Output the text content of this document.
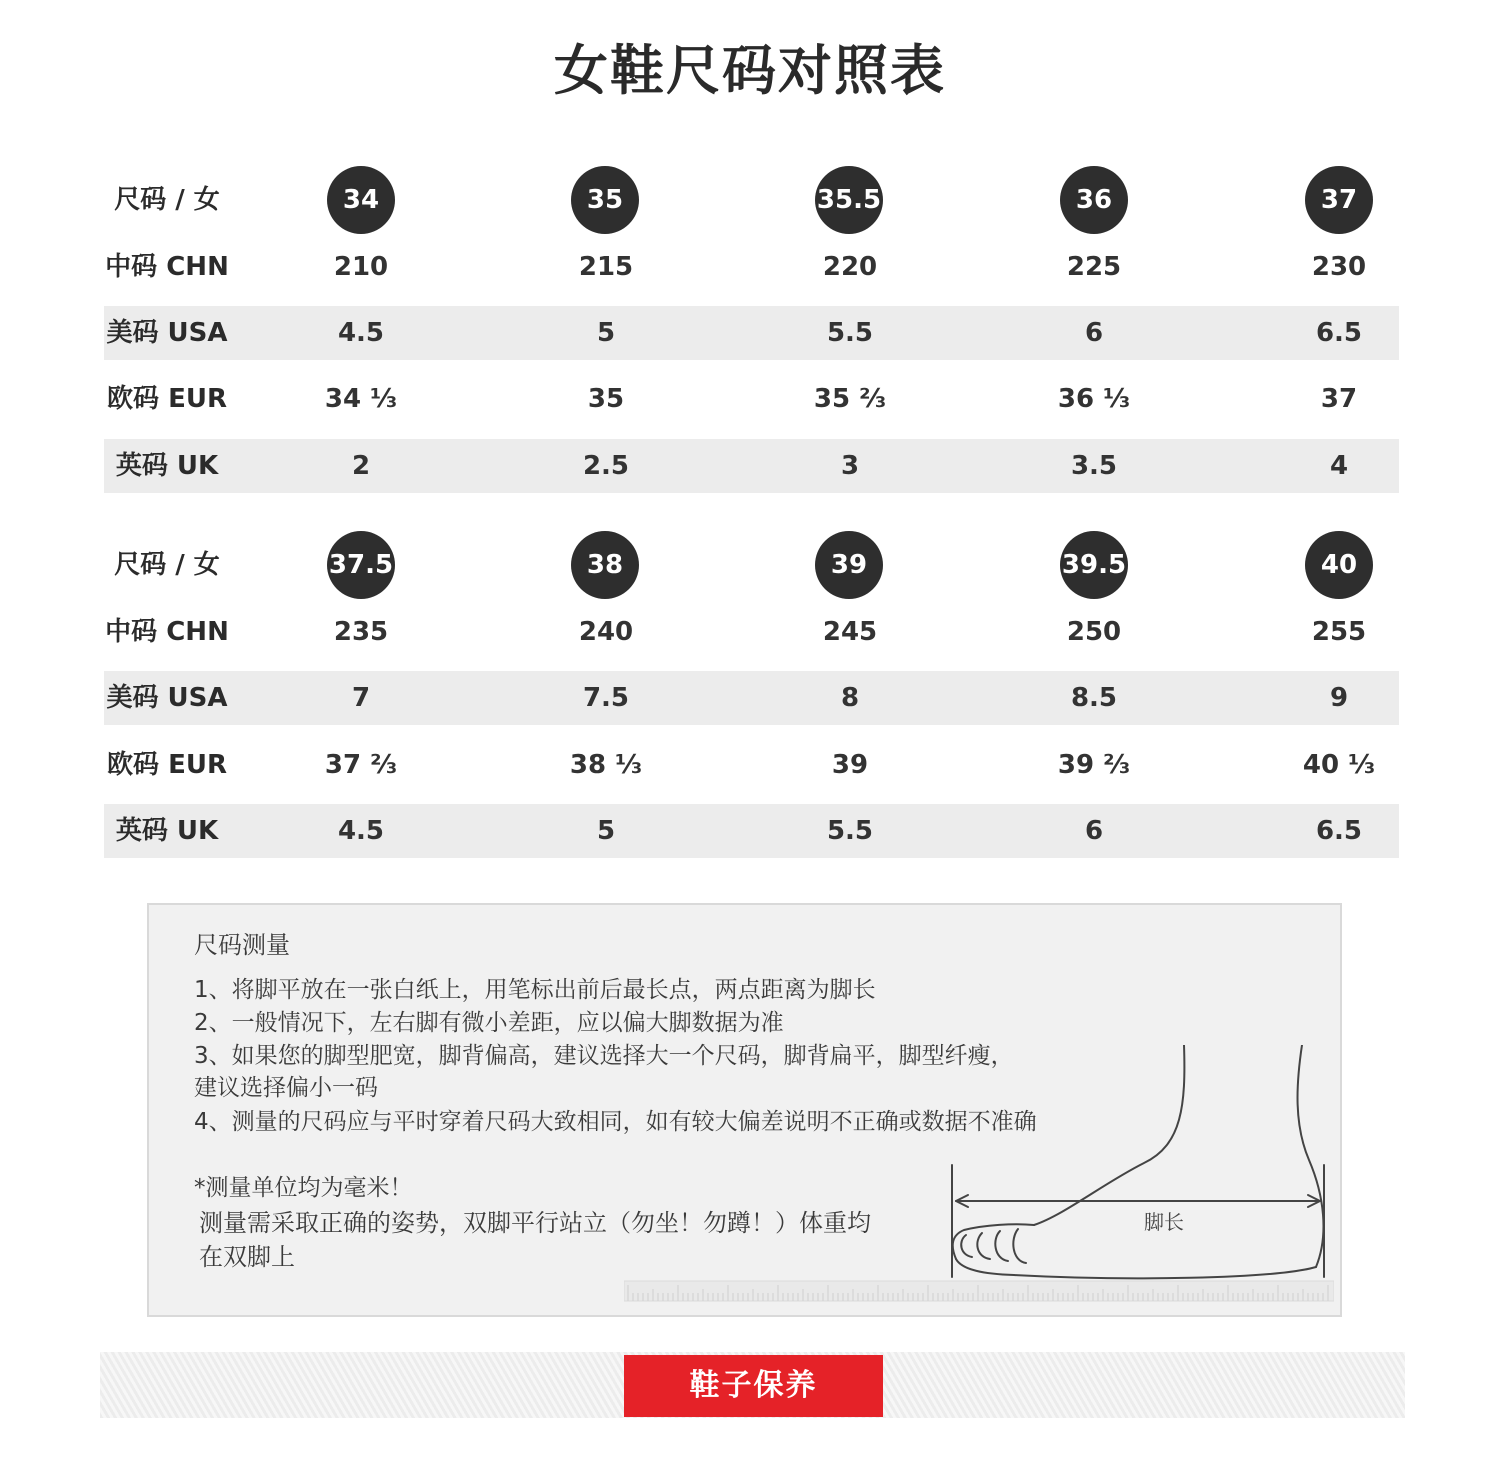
女鞋尺码对照表
尺码 / 女	34	35	35.5	36	37
中码 CHN	210	215	220	225	230
美码 USA	4.5	5	5.5	6	6.5
欧码 EUR	34 ⅓	35	35 ⅔	36 ⅓	37
英码 UK	2	2.5	3	3.5	4
尺码 / 女	37.5	38	39	39.5	40
中码 CHN	235	240	245	250	255
美码 USA	7	7.5	8	8.5	9
欧码 EUR	37 ⅔	38 ⅓	39	39 ⅔	40 ⅓
英码 UK	4.5	5	5.5	6	6.5
尺码测量
1、将脚平放在一张白纸上，用笔标出前后最长点，两点距离为脚长
2、一般情况下，左右脚有微小差距，应以偏大脚数据为准
3、如果您的脚型肥宽，脚背偏高，建议选择大一个尺码，脚背扁平，脚型纤瘦，
建议选择偏小一码
4、测量的尺码应与平时穿着尺码大致相同，如有较大偏差说明不正确或数据不准确
*测量单位均为毫米！
测量需采取正确的姿势，双脚平行站立（勿坐！勿蹲！）体重均
在双脚上
脚长
鞋子保养
